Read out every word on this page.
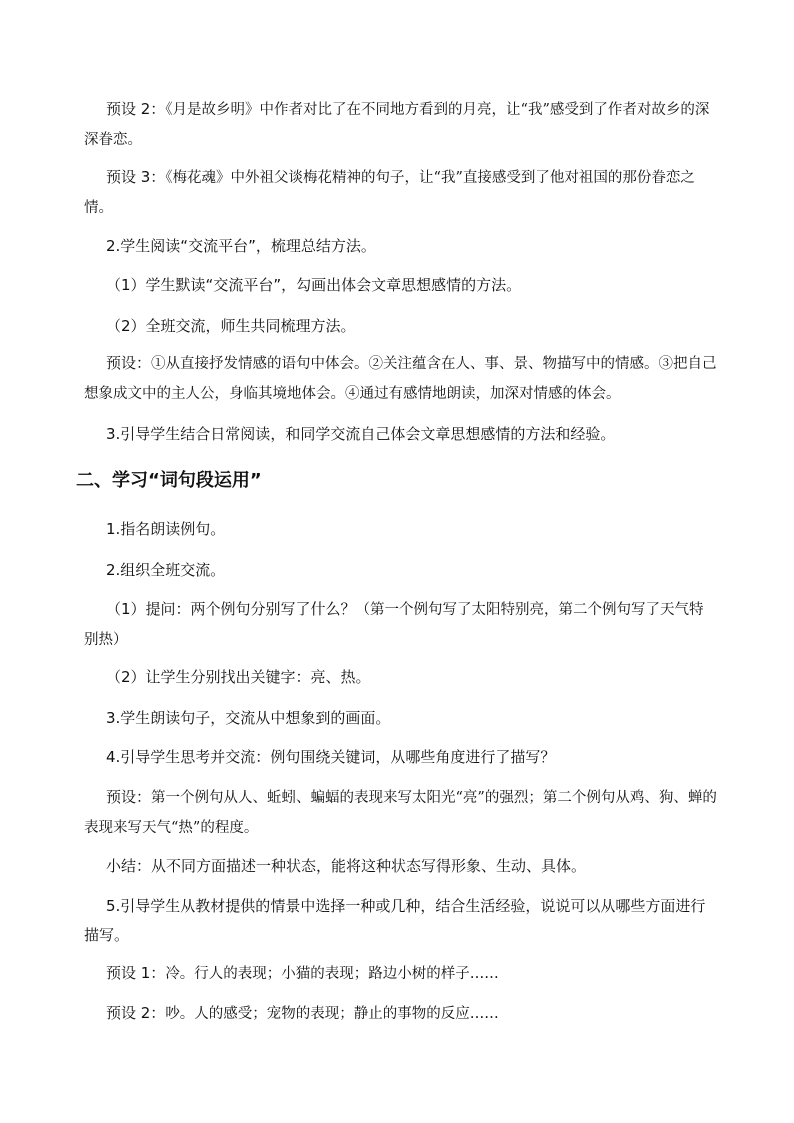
预设 2：《月是故乡明》中作者对比了在不同地方看到的月亮，让“我”感受到了作者对故乡的深深眷恋。

预设 3：《梅花魂》中外祖父谈梅花精神的句子，让“我”直接感受到了他对祖国的那份眷恋之情。

2.学生阅读“交流平台”，梳理总结方法。

（1）学生默读“交流平台”，勾画出体会文章思想感情的方法。

（2）全班交流，师生共同梳理方法。

预设：①从直接抒发情感的语句中体会。②关注蕴含在人、事、景、物描写中的情感。③把自己想象成文中的主人公，身临其境地体会。④通过有感情地朗读，加深对情感的体会。

3.引导学生结合日常阅读，和同学交流自己体会文章思想感情的方法和经验。

二、学习“词句段运用”

1.指名朗读例句。

2.组织全班交流。

（1）提问：两个例句分别写了什么？（第一个例句写了太阳特别亮，第二个例句写了天气特别热）

（2）让学生分别找出关键字：亮、热。

3.学生朗读句子，交流从中想象到的画面。

4.引导学生思考并交流：例句围绕关键词，从哪些角度进行了描写？

预设：第一个例句从人、蚯蚓、蝙蝠的表现来写太阳光“亮”的强烈；第二个例句从鸡、狗、蝉的表现来写天气“热”的程度。

小结：从不同方面描述一种状态，能将这种状态写得形象、生动、具体。

5.引导学生从教材提供的情景中选择一种或几种，结合生活经验，说说可以从哪些方面进行描写。

预设 1：冷。行人的表现；小猫的表现；路边小树的样子……

预设 2：吵。人的感受；宠物的表现；静止的事物的反应……
